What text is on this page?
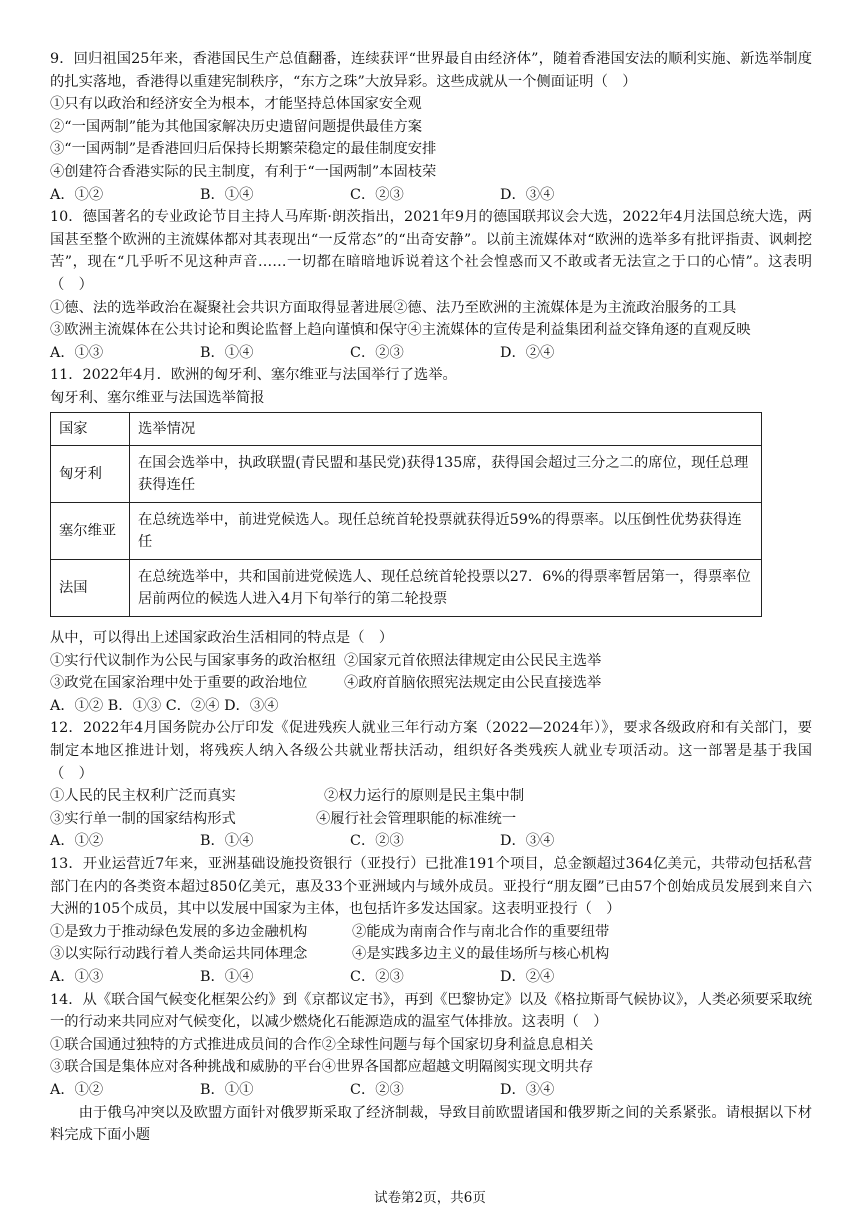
9．回归祖国25年来，香港国民生产总值翻番，连续获评“世界最自由经济体”，随着香港国安法的顺利实施、新选举制度的扎实落地，香港得以重建宪制秩序，“东方之珠”大放异彩。这些成就从一个侧面证明（　）

①只有以政治和经济安全为根本，才能坚持总体国家安全观

②“一国两制”能为其他国家解决历史遗留问题提供最佳方案

③“一国两制”是香港回归后保持长期繁荣稳定的最佳制度安排

④创建符合香港实际的民主制度，有利于“一国两制”本固枝荣

A．①②	B．①④	C．②③	D．③④

10．德国著名的专业政论节目主持人马库斯·朗茨指出，2021年9月的德国联邦议会大选，2022年4月法国总统大选，两国甚至整个欧洲的主流媒体都对其表现出“一反常态”的“出奇安静”。以前主流媒体对“欧洲的选举多有批评指责、讽刺挖苦”，现在“几乎听不见这种声音……一切都在暗暗地诉说着这个社会惶惑而又不敢或者无法宣之于口的心情”。这表明（　）

①德、法的选举政治在凝聚社会共识方面取得显著进展②德、法乃至欧洲的主流媒体是为主流政治服务的工具

③欧洲主流媒体在公共讨论和舆论监督上趋向谨慎和保守④主流媒体的宣传是利益集团利益交锋角逐的直观反映

A．①③	B．①④	C．②③	D．②④

11．2022年4月．欧洲的匈牙利、塞尔维亚与法国举行了选举。

匈牙利、塞尔维亚与法国选举简报

国家	选举情况
匈牙利	在国会选举中，执政联盟(青民盟和基民党)获得135席，获得国会超过三分之二的席位，现任总理获得连任
塞尔维亚	在总统选举中，前进党候选人。现任总统首轮投票就获得近59%的得票率。以压倒性优势获得连任
法国	在总统选举中，共和国前进党候选人、现任总统首轮投票以27．6%的得票率暂居第一，得票率位居前两位的候选人进入4月下旬举行的第二轮投票

从中，可以得出上述国家政治生活相同的特点是（　）

①实行代议制作为公民与国家事务的政治枢纽 ②国家元首依照法律规定由公民民主选举
③政党在国家治理中处于重要的政治地位	④政府首脑依照宪法规定由公民直接选举

A．①② B．①③ C．②④ D．③④

12．2022年4月国务院办公厅印发《促进残疾人就业三年行动方案（2022—2024年）》，要求各级政府和有关部门，要制定本地区推进计划，将残疾人纳入各级公共就业帮扶活动，组织好各类残疾人就业专项活动。这一部署是基于我国（　）

①人民的民主权利广泛而真实	②权力运行的原则是民主集中制
③实行单一制的国家结构形式	④履行社会管理职能的标准统一
A．①②	B．①④	C．②③	D．③④

13．开业运营近7年来，亚洲基础设施投资银行（亚投行）已批准191个项目，总金额超过364亿美元，共带动包括私营部门在内的各类资本超过850亿美元，惠及33个亚洲域内与域外成员。亚投行“朋友圈”已由57个创始成员发展到来自六大洲的105个成员，其中以发展中国家为主体，也包括许多发达国家。这表明亚投行（　）

①是致力于推动绿色发展的多边金融机构	②能成为南南合作与南北合作的重要纽带
③以实际行动践行着人类命运共同体理念	④是实践多边主义的最佳场所与核心机构
A．①③	B．①④	C．②③	D．②④

14．从《联合国气候变化框架公约》到《京都议定书》，再到《巴黎协定》以及《格拉斯哥气候协议》，人类必须要采取统一的行动来共同应对气候变化，以减少燃烧化石能源造成的温室气体排放。这表明（　）

①联合国通过独特的方式推进成员间的合作②全球性问题与每个国家切身利益息息相关

③联合国是集体应对各种挑战和威胁的平台④世界各国都应超越文明隔阂实现文明共存

A．①②	B．①①	C．②③	D．③④

由于俄乌冲突以及欧盟方面针对俄罗斯采取了经济制裁，导致目前欧盟诸国和俄罗斯之间的关系紧张。请根据以下材料完成下面小题

试卷第2页，共6页
